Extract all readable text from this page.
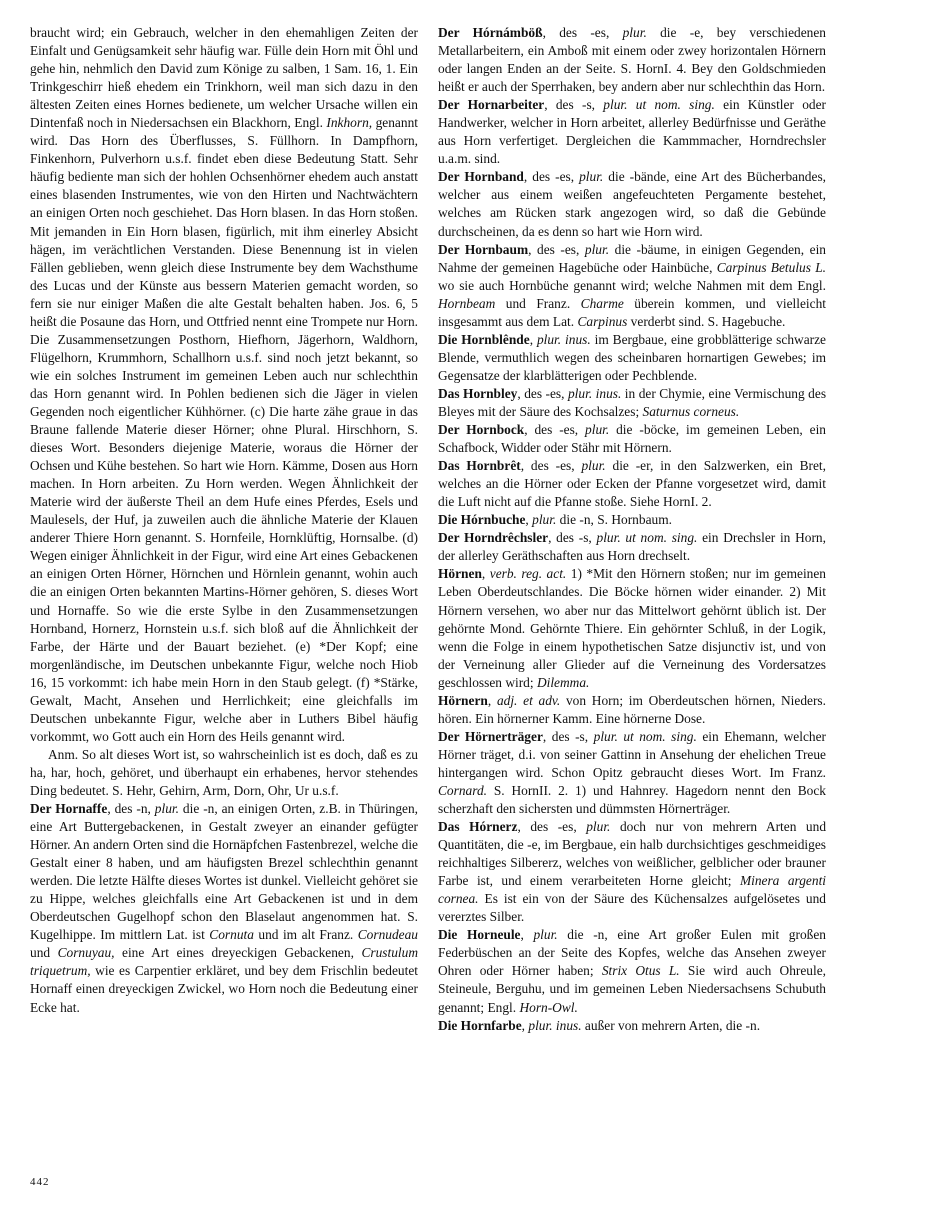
braucht wird; ein Gebrauch, welcher in den ehemahligen Zeiten der Einfalt und Genügsamkeit sehr häufig war. Fülle dein Horn mit Öhl und gehe hin, nehmlich den David zum Könige zu salben, 1 Sam. 16, 1. Ein Trinkgeschirr hieß ehedem ein Trinkhorn, weil man sich dazu in den ältesten Zeiten eines Hornes bedienete, um welcher Ursache willen ein Dintenfaß noch in Niedersachsen ein Blackhorn, Engl. Inkhorn, genannt wird. Das Horn des Überflusses, S. Füllhorn. In Dampfhorn, Finkenhorn, Pulverhorn u.s.f. findet eben diese Bedeutung Statt. Sehr häufig bediente man sich der hohlen Ochsenhörner ehedem auch anstatt eines blasenden Instrumentes, wie von den Hirten und Nachtwächtern an einigen Orten noch geschiehet. Das Horn blasen. In das Horn stoßen. Mit jemanden in Ein Horn blasen, figürlich, mit ihm einerley Absicht hägen, im verächtlichen Verstanden. Diese Benennung ist in vielen Fällen geblieben, wenn gleich diese Instrumente bey dem Wachsthume des Lucas und der Künste aus bessern Materien gemacht worden, so fern sie nur einiger Maßen die alte Gestalt behalten haben. Jos. 6, 5 heißt die Posaune das Horn, und Ottfried nennt eine Trompete nur Horn. Die Zusammensetzungen Posthorn, Hiefhorn, Jägerhorn, Waldhorn, Flügelhorn, Krummhorn, Schallhorn u.s.f. sind noch jetzt bekannt, so wie ein solches Instrument im gemeinen Leben auch nur schlechthin das Horn genannt wird. In Pohlen bedienen sich die Jäger in vielen Gegenden noch eigentlicher Kühhörner. (c) Die harte zähe graue in das Braune fallende Materie dieser Hörner; ohne Plural. Hirschhorn, S. dieses Wort. Besonders diejenige Materie, woraus die Hörner der Ochsen und Kühe bestehen. So hart wie Horn. Kämme, Dosen aus Horn machen. In Horn arbeiten. Zu Horn werden. Wegen Ähnlichkeit der Materie wird der äußerste Theil an dem Hufe eines Pferdes, Esels und Maulesels, der Huf, ja zuweilen auch die ähnliche Materie der Klauen anderer Thiere Horn genannt. S. Hornfeile, Hornklüftig, Hornsalbe. (d) Wegen einiger Ähnlichkeit in der Figur, wird eine Art eines Gebackenen an einigen Orten Hörner, Hörnchen und Hörnlein genannt, wohin auch die an einigen Orten bekannten Martins-Hörner gehören, S. dieses Wort und Hornaffe. So wie die erste Sylbe in den Zusammensetzungen Hornband, Hornerz, Hornstein u.s.f. sich bloß auf die Ähnlichkeit der Farbe, der Härte und der Bauart beziehet. (e) *Der Kopf; eine morgenländische, im Deutschen unbekannte Figur, welche noch Hiob 16, 15 vorkommt: ich habe mein Horn in den Staub gelegt. (f) *Stärke, Gewalt, Macht, Ansehen und Herrlichkeit; eine gleichfalls im Deutschen unbekannte Figur, welche aber in Luthers Bibel häufig vorkommt, wo Gott auch ein Horn des Heils genannt wird.

Anm. So alt dieses Wort ist, so wahrscheinlich ist es doch, daß es zu ha, har, hoch, gehöret, und überhaupt ein erhabenes, hervor stehendes Ding bedeutet. S. Hehr, Gehirn, Arm, Dorn, Ohr, Ur u.s.f.

Der Hornaffe, des -n, plur. die -n, an einigen Orten, z.B. in Thüringen, eine Art Buttergebackenen, in Gestalt zweyer an einander gefügter Hörner. An andern Orten sind die Hornäpfchen Fastenbrezel, welche die Gestalt einer 8 haben, und am häufigsten Brezel schlechthin genannt werden. Die letzte Hälfte dieses Wortes ist dunkel. Vielleicht gehöret sie zu Hippe, welches gleichfalls eine Art Gebackenen ist und in dem Oberdeutschen Gugelhopf schon den Blaselaut angenommen hat. S. Kugelhippe. Im mittlern Lat. ist Cornuta und im alt Franz. Cornudeau und Cornuyau, eine Art eines dreyeckigen Gebackenen, Crustulum triquetrum, wie es Carpentier erkläret, und bey dem Frischlin bedeutet Hornaff einen dreyeckigen Zwickel, wo Horn noch die Bedeutung einer Ecke hat.

Der Hórnámböß, des -es, plur. die -e, bey verschiedenen Metallarbeitern, ein Amboß mit einem oder zwey horizontalen Hörnern oder langen Enden an der Seite. S. HornI. 4. Bey den Goldschmieden heißt er auch der Sperrhaken, bey andern aber nur schlechthin das Horn.

Der Hornarbeiter, des -s, plur. ut nom. sing. ein Künstler oder Handwerker, welcher in Horn arbeitet, allerley Bedürfnisse und Geräthe aus Horn verfertiget. Dergleichen die Kammmacher, Horndrechsler u.a.m. sind.

Der Hornband, des -es, plur. die -bände, eine Art des Bücherbandes, welcher aus einem weißen angefeuchteten Pergamente bestehet, welches am Rücken stark angezogen wird, so daß die Gebünde durchscheinen, da es denn so hart wie Horn wird.

Der Hornbaum, des -es, plur. die -bäume, in einigen Gegenden, ein Nahme der gemeinen Hagebüche oder Hainbüche, Carpinus Betulus L. wo sie auch Hornbüche genannt wird; welche Nahmen mit dem Engl. Hornbeam und Franz. Charme überein kommen, und vielleicht insgesammt aus dem Lat. Carpinus verderbt sind. S. Hagebuche.

Die Hornblênde, plur. inus. im Bergbaue, eine grobblätterige schwarze Blende, vermuthlich wegen des scheinbaren hornartigen Gewebes; im Gegensatze der klarblätterigen oder Pechblende.

Das Hornbley, des -es, plur. inus. in der Chymie, eine Vermischung des Bleyes mit der Säure des Kochsalzes; Saturnus corneus.

Der Hornbock, des -es, plur. die -böcke, im gemeinen Leben, ein Schafbock, Widder oder Stähr mit Hörnern.

Das Hornbrêt, des -es, plur. die -er, in den Salzwerken, ein Bret, welches an die Hörner oder Ecken der Pfanne vorgesetzet wird, damit die Luft nicht auf die Pfanne stoße. Siehe HornI. 2.

Die Hórnbuche, plur. die -n, S. Hornbaum.

Der Horndrêchsler, des -s, plur. ut nom. sing. ein Drechsler in Horn, der allerley Geräthschaften aus Horn drechselt.

Hörnen, verb. reg. act. 1) *Mit den Hörnern stoßen; nur im gemeinen Leben Oberdeutschlandes. Die Böcke hörnen wider einander. 2) Mit Hörnern versehen, wo aber nur das Mittelwort gehörnt üblich ist. Der gehörnte Mond. Gehörnte Thiere. Ein gehörnter Schluß, in der Logik, wenn die Folge in einem hypothetischen Satze disjunctiv ist, und von der Verneinung aller Glieder auf die Verneinung des Vordersatzes geschlossen wird; Dilemma.

Hörnern, adj. et adv. von Horn; im Oberdeutschen hörnen, Nieders. hören. Ein hörnerner Kamm. Eine hörnerne Dose.

Der Hörnerträger, des -s, plur. ut nom. sing. ein Ehemann, welcher Hörner träget, d.i. von seiner Gattinn in Ansehung der ehelichen Treue hintergangen wird. Schon Opitz gebraucht dieses Wort. Im Franz. Cornard. S. HornII. 2. 1) und Hahnrey. Hagedorn nennt den Bock scherzhaft den sichersten und dümmsten Hörnerträger.

Das Hórnerz, des -es, plur. doch nur von mehrern Arten und Quantitäten, die -e, im Bergbaue, ein halb durchsichtiges geschmeidiges reichhaltiges Silbererz, welches von weißlicher, gelblicher oder brauner Farbe ist, und einem verarbeiteten Horne gleicht; Minera argenti cornea. Es ist ein von der Säure des Küchensalzes aufgelösetes und vererztes Silber.

Die Horneule, plur. die -n, eine Art großer Eulen mit großen Federbüschen an der Seite des Kopfes, welche das Ansehen zweyer Ohren oder Hörner haben; Strix Otus L. Sie wird auch Ohreule, Steineule, Berguhu, und im gemeinen Leben Niedersachsens Schubuth genannt; Engl. Horn-Owl.

Die Hornfarbe, plur. inus. außer von mehrern Arten, die -n.

442
